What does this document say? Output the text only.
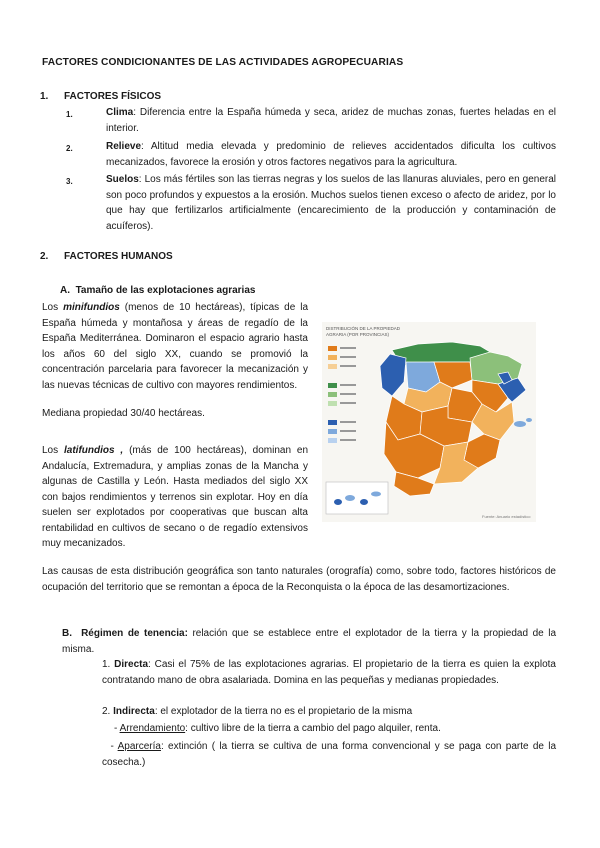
FACTORES CONDICIONANTES DE LAS ACTIVIDADES AGROPECUARIAS
1. FACTORES FÍSICOS
1.	Clima: Diferencia entre la España húmeda y seca, aridez de muchas zonas, fuertes heladas en el interior.
2.	Relieve: Altitud media elevada y predominio de relieves accidentados dificulta los cultivos mecanizados, favorece la erosión y otros factores negativos para la agricultura.
3.	Suelos: Los más fértiles son las tierras negras y los suelos de las llanuras aluviales, pero en general son poco profundos y expuestos a la erosión. Muchos suelos tienen exceso o afecto de aridez, por lo que hay que fertilizarlos artificialmente (encarecimiento de la producción y contaminación de acuíferos).
2. FACTORES HUMANOS
A. Tamaño de las explotaciones agrarias
Los minifundios (menos de 10 hectáreas), típicas de la España húmeda y montañosa y áreas de regadío de la España Mediterránea. Dominaron el espacio agrario hasta los años 60 del siglo XX, cuando se promovió la concentración parcelaria para favorecer la mecanización y las nuevas técnicas de cultivo con mayores rendimientos.
Mediana propiedad 30/40 hectáreas.
Los latifundios , (más de 100 hectáreas), dominan en Andalucía, Extremadura, y amplias zonas de la Mancha y algunas de Castilla y León. Hasta mediados del siglo XX con bajos rendimientos y terrenos sin explotar. Hoy en día suelen ser explotados por cooperativas que buscan alta rentabilidad en cultivos de secano o de regadío extensivos muy mecanizados.
Las causas de esta distribución geográfica son tanto naturales (orografía) como, sobre todo, factores históricos de ocupación del territorio que se remontan a época de la Reconquista o la época de las desamortizaciones.
DISTRIBUCIÓN DE LA PROPIEDAD
AGRARIA (POR PROVINCIAS)
Fuente: Anuario estadístico
B. Régimen de tenencia: relación que se establece entre el explotador de la tierra y la propiedad de la misma.
1. Directa: Casi el 75% de las explotaciones agrarias. El propietario de la tierra es quien la explota contratando mano de obra asalariada. Domina en las pequeñas y medianas propiedades.
2. Indirecta: el explotador de la tierra no es el propietario de la misma
- Arrendamiento: cultivo libre de la tierra a cambio del pago alquiler, renta.
- Aparcería: extinción ( la tierra se cultiva de una forma convencional y se paga con parte de la cosecha.)
